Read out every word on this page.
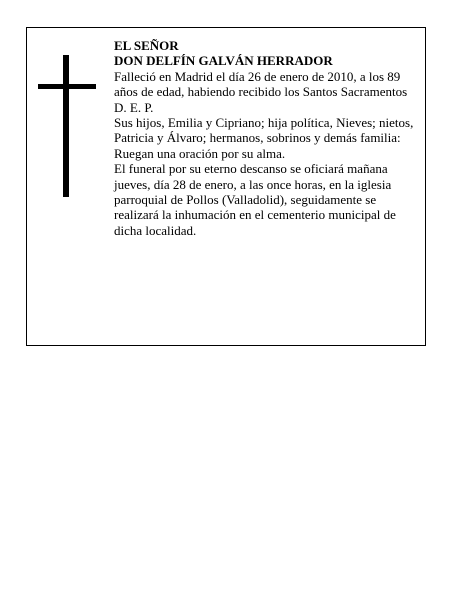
EL SEÑOR

DON DELFÍN GALVÁN HERRADOR

Falleció en Madrid el día 26 de enero de 2010, a los 89 años de edad, habiendo recibido los Santos Sacramentos

D. E. P.

Sus hijos, Emilia y Cipriano; hija política, Nieves; nietos, Patricia y Álvaro; hermanos, sobrinos y demás familia:

Ruegan una oración por su alma.

El funeral por su eterno descanso se oficiará mañana jueves, día 28 de enero, a las once horas, en la iglesia parroquial de Pollos (Valladolid), seguidamente se realizará la inhumación en el cementerio municipal de dicha localidad.
